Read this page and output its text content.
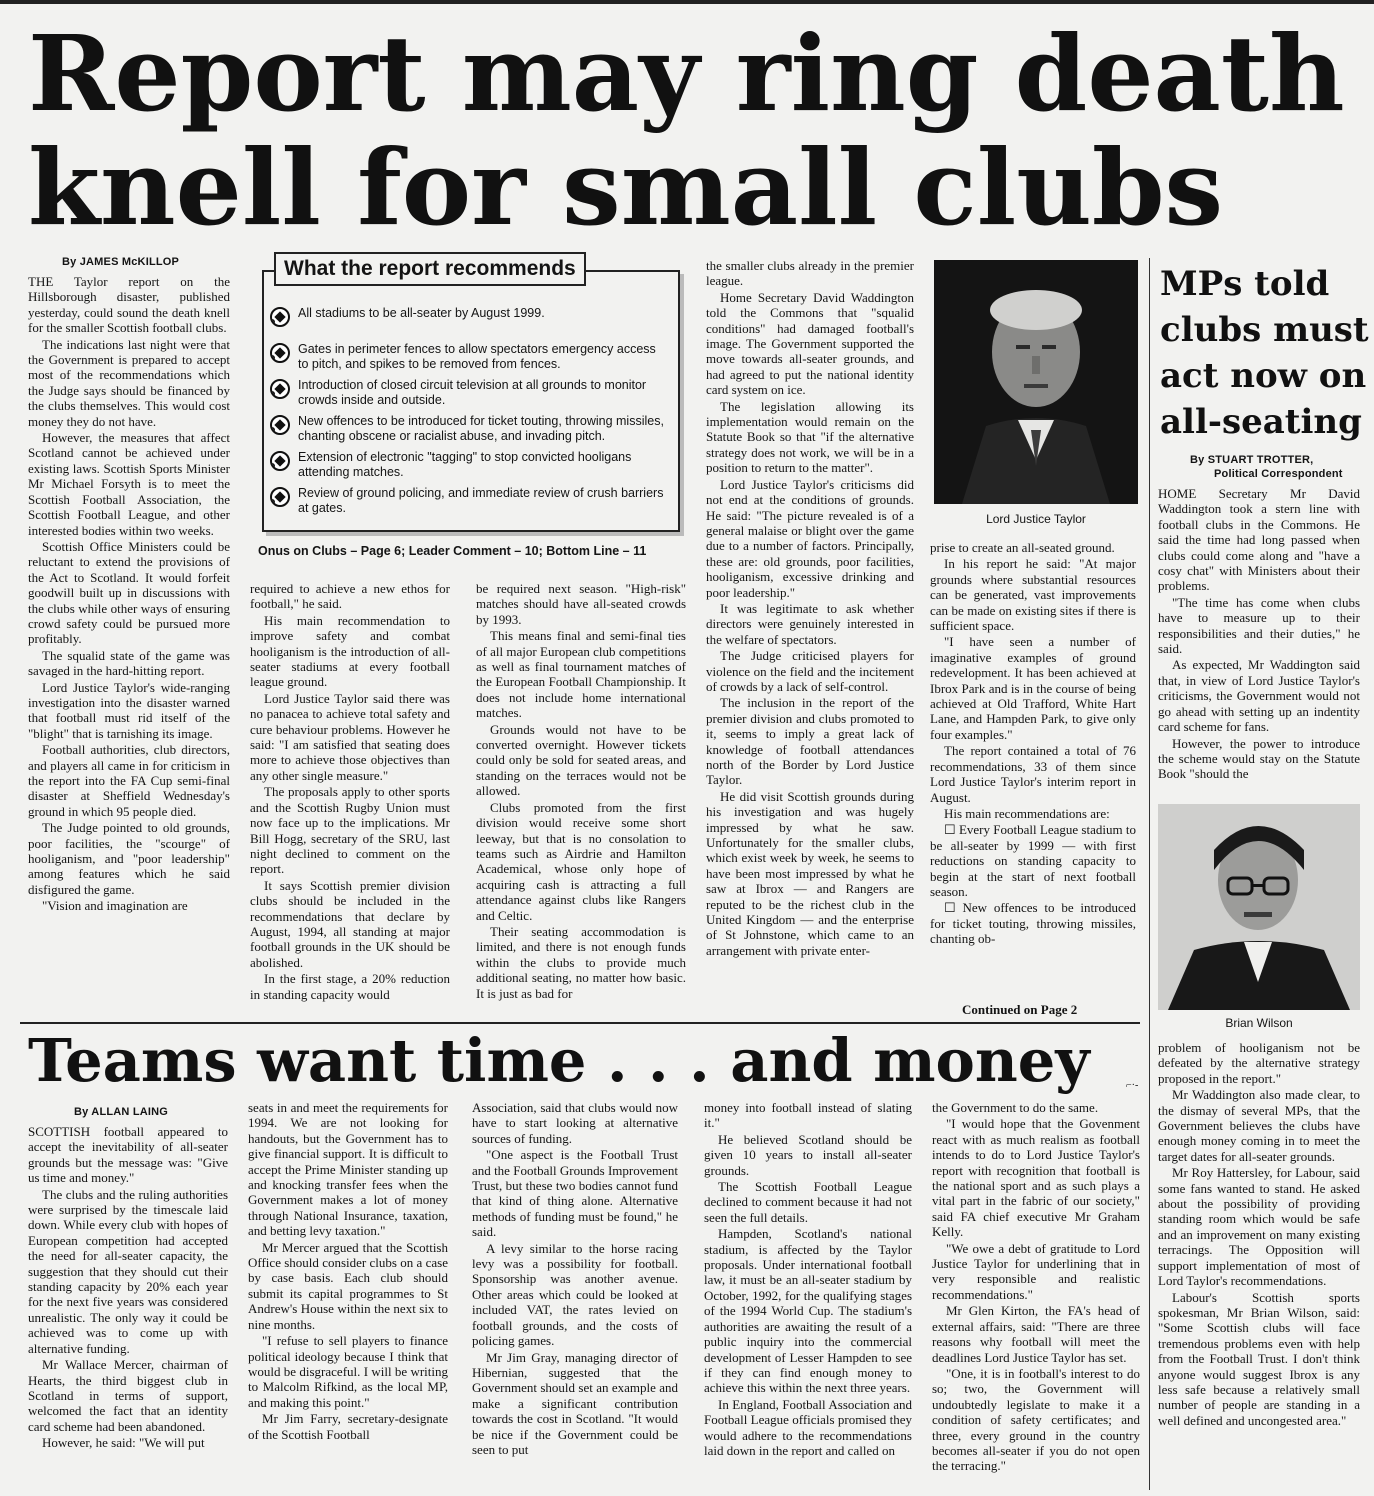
Report may ring death
knell for small clubs
By JAMES McKILLOP

THE Taylor report on the Hillsborough disaster, published yesterday, could sound the death knell for the smaller Scottish football clubs.

The indications last night were that the Government is prepared to accept most of the recommendations which the Judge says should be financed by the clubs themselves. This would cost money they do not have.

However, the measures that affect Scotland cannot be achieved under existing laws. Scottish Sports Minister Mr Michael Forsyth is to meet the Scottish Football Association, the Scottish Football League, and other interested bodies within two weeks.

Scottish Office Ministers could be reluctant to extend the provisions of the Act to Scotland. It would forfeit goodwill built up in discussions with the clubs while other ways of ensuring crowd safety could be pursued more profitably.

The squalid state of the game was savaged in the hard-hitting report.

Lord Justice Taylor's wide-ranging investigation into the disaster warned that football must rid itself of the "blight" that is tarnishing its image.

Football authorities, club directors, and players all came in for criticism in the report into the FA Cup semi-final disaster at Sheffield Wednesday's ground in which 95 people died.

The Judge pointed to old grounds, poor facilities, the "scourge" of hooliganism, and "poor leadership" among features which he said disfigured the game.

"Vision and imagination are

What the report recommends
All stadiums to be all-seater by August 1999.
Gates in perimeter fences to allow spectators emergency access to pitch, and spikes to be removed from fences.
Introduction of closed circuit television at all grounds to monitor crowds inside and outside.
New offences to be introduced for ticket touting, throwing missiles, chanting obscene or racialist abuse, and invading pitch.
Extension of electronic "tagging" to stop convicted hooligans attending matches.
Review of ground policing, and immediate review of crush barriers at gates.
Onus on Clubs – Page 6; Leader Comment – 10; Bottom Line – 11

required to achieve a new ethos for football," he said.

His main recommendation to improve safety and combat hooliganism is the introduction of all-seater stadiums at every football league ground.

Lord Justice Taylor said there was no panacea to achieve total safety and cure behaviour problems. However he said: "I am satisfied that seating does more to achieve those objectives than any other single measure."

The proposals apply to other sports and the Scottish Rugby Union must now face up to the implications. Mr Bill Hogg, secretary of the SRU, last night declined to comment on the report.

It says Scottish premier division clubs should be included in the recommendations that declare by August, 1994, all standing at major football grounds in the UK should be abolished.

In the first stage, a 20% reduction in standing capacity would

be required next season. "High-risk" matches should have all-seated crowds by 1993.

This means final and semi-final ties of all major European club competitions as well as final tournament matches of the European Football Championship. It does not include home international matches.

Grounds would not have to be converted overnight. However tickets could only be sold for seated areas, and standing on the terraces would not be allowed.

Clubs promoted from the first division would receive some short leeway, but that is no consolation to teams such as Airdrie and Hamilton Academical, whose only hope of acquiring cash is attracting a full attendance against clubs like Rangers and Celtic.

Their seating accommodation is limited, and there is not enough funds within the clubs to provide much additional seating, no matter how basic. It is just as bad for

the smaller clubs already in the premier league.

Home Secretary David Waddington told the Commons that "squalid conditions" had damaged football's image. The Government supported the move towards all-seater grounds, and had agreed to put the national identity card system on ice.

The legislation allowing its implementation would remain on the Statute Book so that "if the alternative strategy does not work, we will be in a position to return to the matter".

Lord Justice Taylor's criticisms did not end at the conditions of grounds. He said: "The picture revealed is of a general malaise or blight over the game due to a number of factors. Principally, these are: old grounds, poor facilities, hooliganism, excessive drinking and poor leadership."

It was legitimate to ask whether directors were genuinely interested in the welfare of spectators.

The Judge criticised players for violence on the field and the incitement of crowds by a lack of self-control.

The inclusion in the report of the premier division and clubs promoted to it, seems to imply a great lack of knowledge of football attendances north of the Border by Lord Justice Taylor.

He did visit Scottish grounds during his investigation and was hugely impressed by what he saw. Unfortunately for the smaller clubs, which exist week by week, he seems to have been most impressed by what he saw at Ibrox — and Rangers are reputed to be the richest club in the United Kingdom — and the enterprise of St Johnstone, which came to an arrangement with private enter-

Lord Justice Taylor

prise to create an all-seated ground.

In his report he said: "At major grounds where substantial resources can be generated, vast improvements can be made on existing sites if there is sufficient space.

"I have seen a number of imaginative examples of ground redevelopment. It has been achieved at Ibrox Park and is in the course of being achieved at Old Trafford, White Hart Lane, and Hampden Park, to give only four examples."

The report contained a total of 76 recommendations, 33 of them since Lord Justice Taylor's interim report in August.

His main recommendations are:

☐ Every Football League stadium to be all-seater by 1999 — with first reductions on standing capacity to begin at the start of next football season.

☐ New offences to be introduced for ticket touting, throwing missiles, chanting ob-

Continued on Page 2
MPs told
clubs must
act now on
all-seating
By STUART TROTTER,
Political Correspondent

HOME Secretary Mr David Waddington took a stern line with football clubs in the Commons. He said the time had long passed when clubs could come along and "have a cosy chat" with Ministers about their problems.

"The time has come when clubs have to measure up to their responsibilities and their duties," he said.

As expected, Mr Waddington said that, in view of Lord Justice Taylor's criticisms, the Government would not go ahead with setting up an indentity card scheme for fans.

However, the power to introduce the scheme would stay on the Statute Book "should the

Brian Wilson

problem of hooliganism not be defeated by the alternative strategy proposed in the report."

Mr Waddington also made clear, to the dismay of several MPs, that the Government believes the clubs have enough money coming in to meet the target dates for all-seater grounds.

Mr Roy Hattersley, for Labour, said some fans wanted to stand. He asked about the possibility of providing standing room which would be safe and an improvement on many existing terracings. The Opposition will support implementation of most of Lord Taylor's recommendations.

Labour's Scottish sports spokesman, Mr Brian Wilson, said: "Some Scottish clubs will face tremendous problems even with help from the Football Trust. I don't think anyone would suggest Ibrox is any less safe because a relatively small number of people are standing in a well defined and uncongested area."

Teams want time . . . and money	⌐·-
By ALLAN LAING

SCOTTISH football appeared to accept the inevitability of all-seater grounds but the message was: "Give us time and money."

The clubs and the ruling authorities were surprised by the timescale laid down. While every club with hopes of European competition had accepted the need for all-seater capacity, the suggestion that they should cut their standing capacity by 20% each year for the next five years was considered unrealistic. The only way it could be achieved was to come up with alternative funding.

Mr Wallace Mercer, chairman of Hearts, the third biggest club in Scotland in terms of support, welcomed the fact that an identity card scheme had been abandoned.

However, he said: "We will put

seats in and meet the requirements for 1994. We are not looking for handouts, but the Government has to give financial support. It is difficult to accept the Prime Minister standing up and knocking transfer fees when the Government makes a lot of money through National Insurance, taxation, and betting levy taxation."

Mr Mercer argued that the Scottish Office should consider clubs on a case by case basis. Each club should submit its capital programmes to St Andrew's House within the next six to nine months.

"I refuse to sell players to finance political ideology because I think that would be disgraceful. I will be writing to Malcolm Rifkind, as the local MP, and making this point."

Mr Jim Farry, secretary-designate of the Scottish Football

Association, said that clubs would now have to start looking at alternative sources of funding.

"One aspect is the Football Trust and the Football Grounds Improvement Trust, but these two bodies cannot fund that kind of thing alone. Alternative methods of funding must be found," he said.

A levy similar to the horse racing levy was a possibility for football. Sponsorship was another avenue. Other areas which could be looked at included VAT, the rates levied on football grounds, and the costs of policing games.

Mr Jim Gray, managing director of Hibernian, suggested that the Government should set an example and make a significant contribution towards the cost in Scotland. "It would be nice if the Government could be seen to put

money into football instead of slating it."

He believed Scotland should be given 10 years to install all-seater grounds.

The Scottish Football League declined to comment because it had not seen the full details.

Hampden, Scotland's national stadium, is affected by the Taylor proposals. Under international football law, it must be an all-seater stadium by October, 1992, for the qualifying stages of the 1994 World Cup. The stadium's authorities are awaiting the result of a public inquiry into the commercial development of Lesser Hampden to see if they can find enough money to achieve this within the next three years.

In England, Football Association and Football League officials promised they would adhere to the recommendations laid down in the report and called on

the Government to do the same.

"I would hope that the Govenment react with as much realism as football intends to do to Lord Justice Taylor's report with recognition that football is the national sport and as such plays a vital part in the fabric of our society," said FA chief executive Mr Graham Kelly.

"We owe a debt of gratitude to Lord Justice Taylor for underlining that in very responsible and realistic recommendations."

Mr Glen Kirton, the FA's head of external affairs, said: "There are three reasons why football will meet the deadlines Lord Justice Taylor has set.

"One, it is in football's interest to do so; two, the Government will undoubtedly legislate to make it a condition of safety certificates; and three, every ground in the country becomes all-seater if you do not open the terracing."
